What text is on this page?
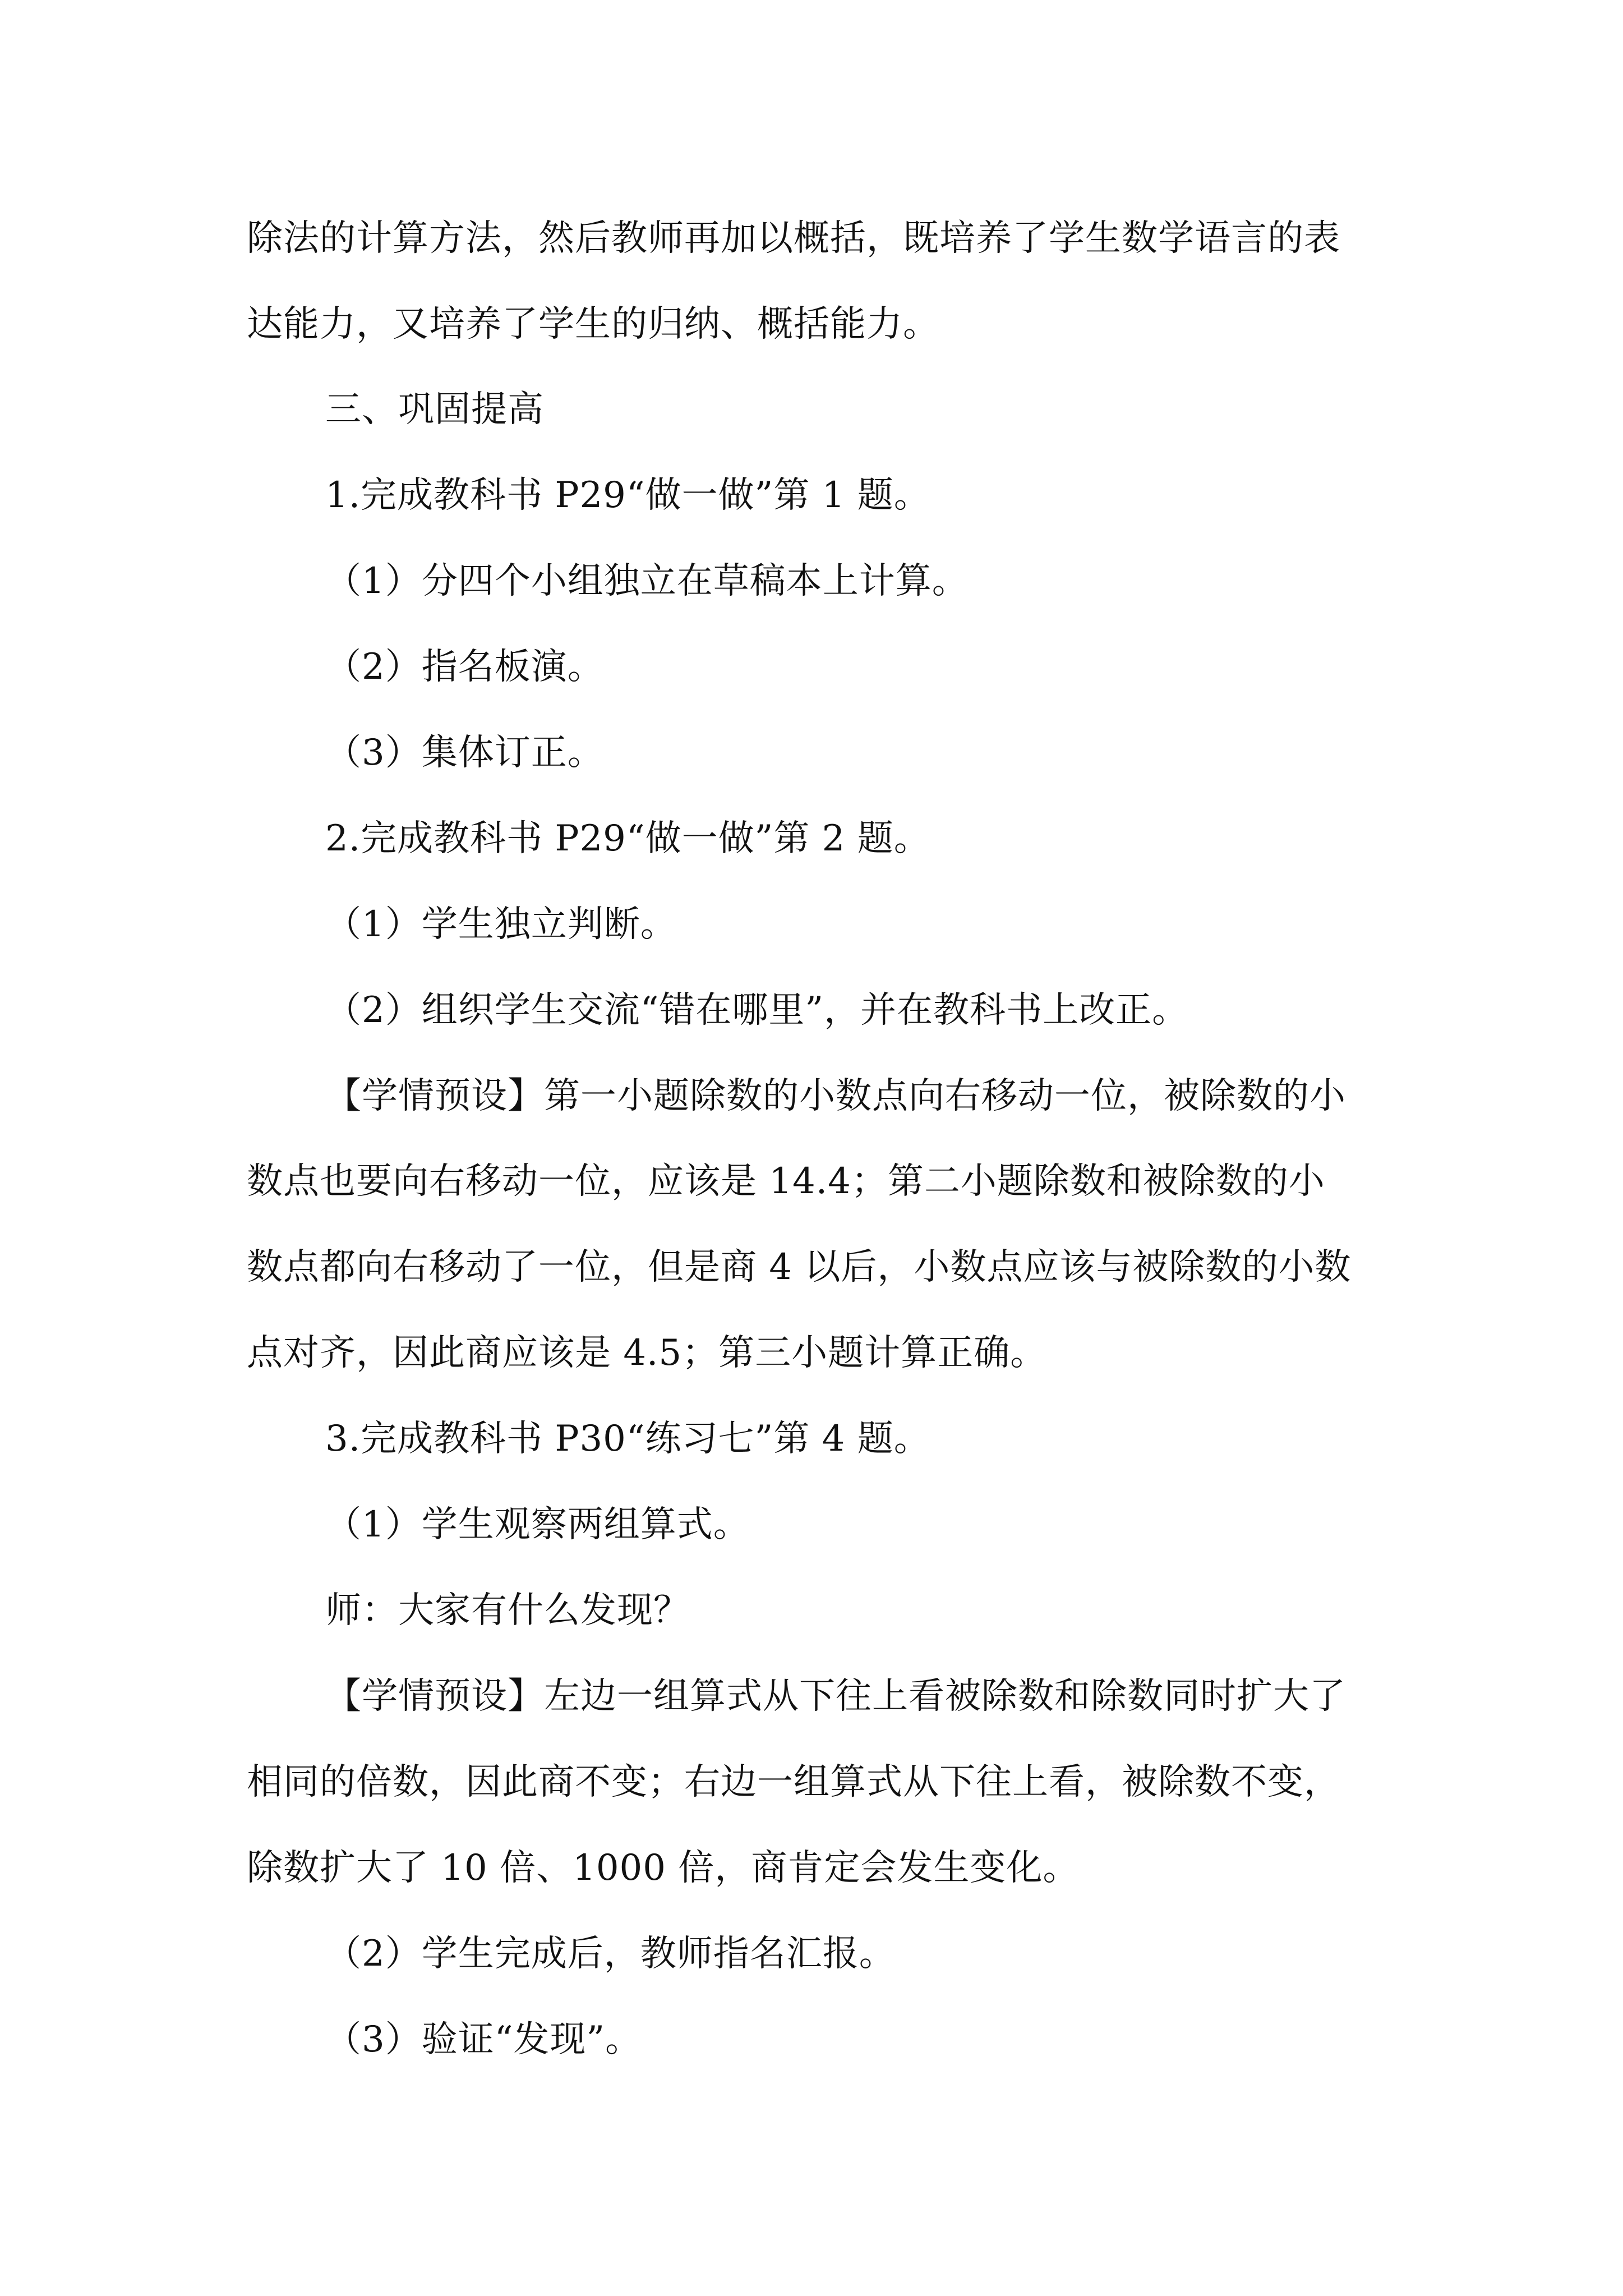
除法的计算方法，然后教师再加以概括，既培养了学生数学语言的表
达能力，又培养了学生的归纳、概括能力。
三、巩固提高
1.完成教科书 P29“做一做”第 1 题。
（1）分四个小组独立在草稿本上计算。
（2）指名板演。
（3）集体订正。
2.完成教科书 P29“做一做”第 2 题。
（1）学生独立判断。
（2）组织学生交流“错在哪里”，并在教科书上改正。
【学情预设】第一小题除数的小数点向右移动一位，被除数的小
数点也要向右移动一位，应该是 14.4；第二小题除数和被除数的小
数点都向右移动了一位，但是商 4 以后，小数点应该与被除数的小数
点对齐，因此商应该是 4.5；第三小题计算正确。
3.完成教科书 P30“练习七”第 4 题。
（1）学生观察两组算式。
师：大家有什么发现？
【学情预设】左边一组算式从下往上看被除数和除数同时扩大了
相同的倍数，因此商不变；右边一组算式从下往上看，被除数不变，
除数扩大了 10 倍、1000 倍，商肯定会发生变化。
（2）学生完成后，教师指名汇报。
（3）验证“发现”。
